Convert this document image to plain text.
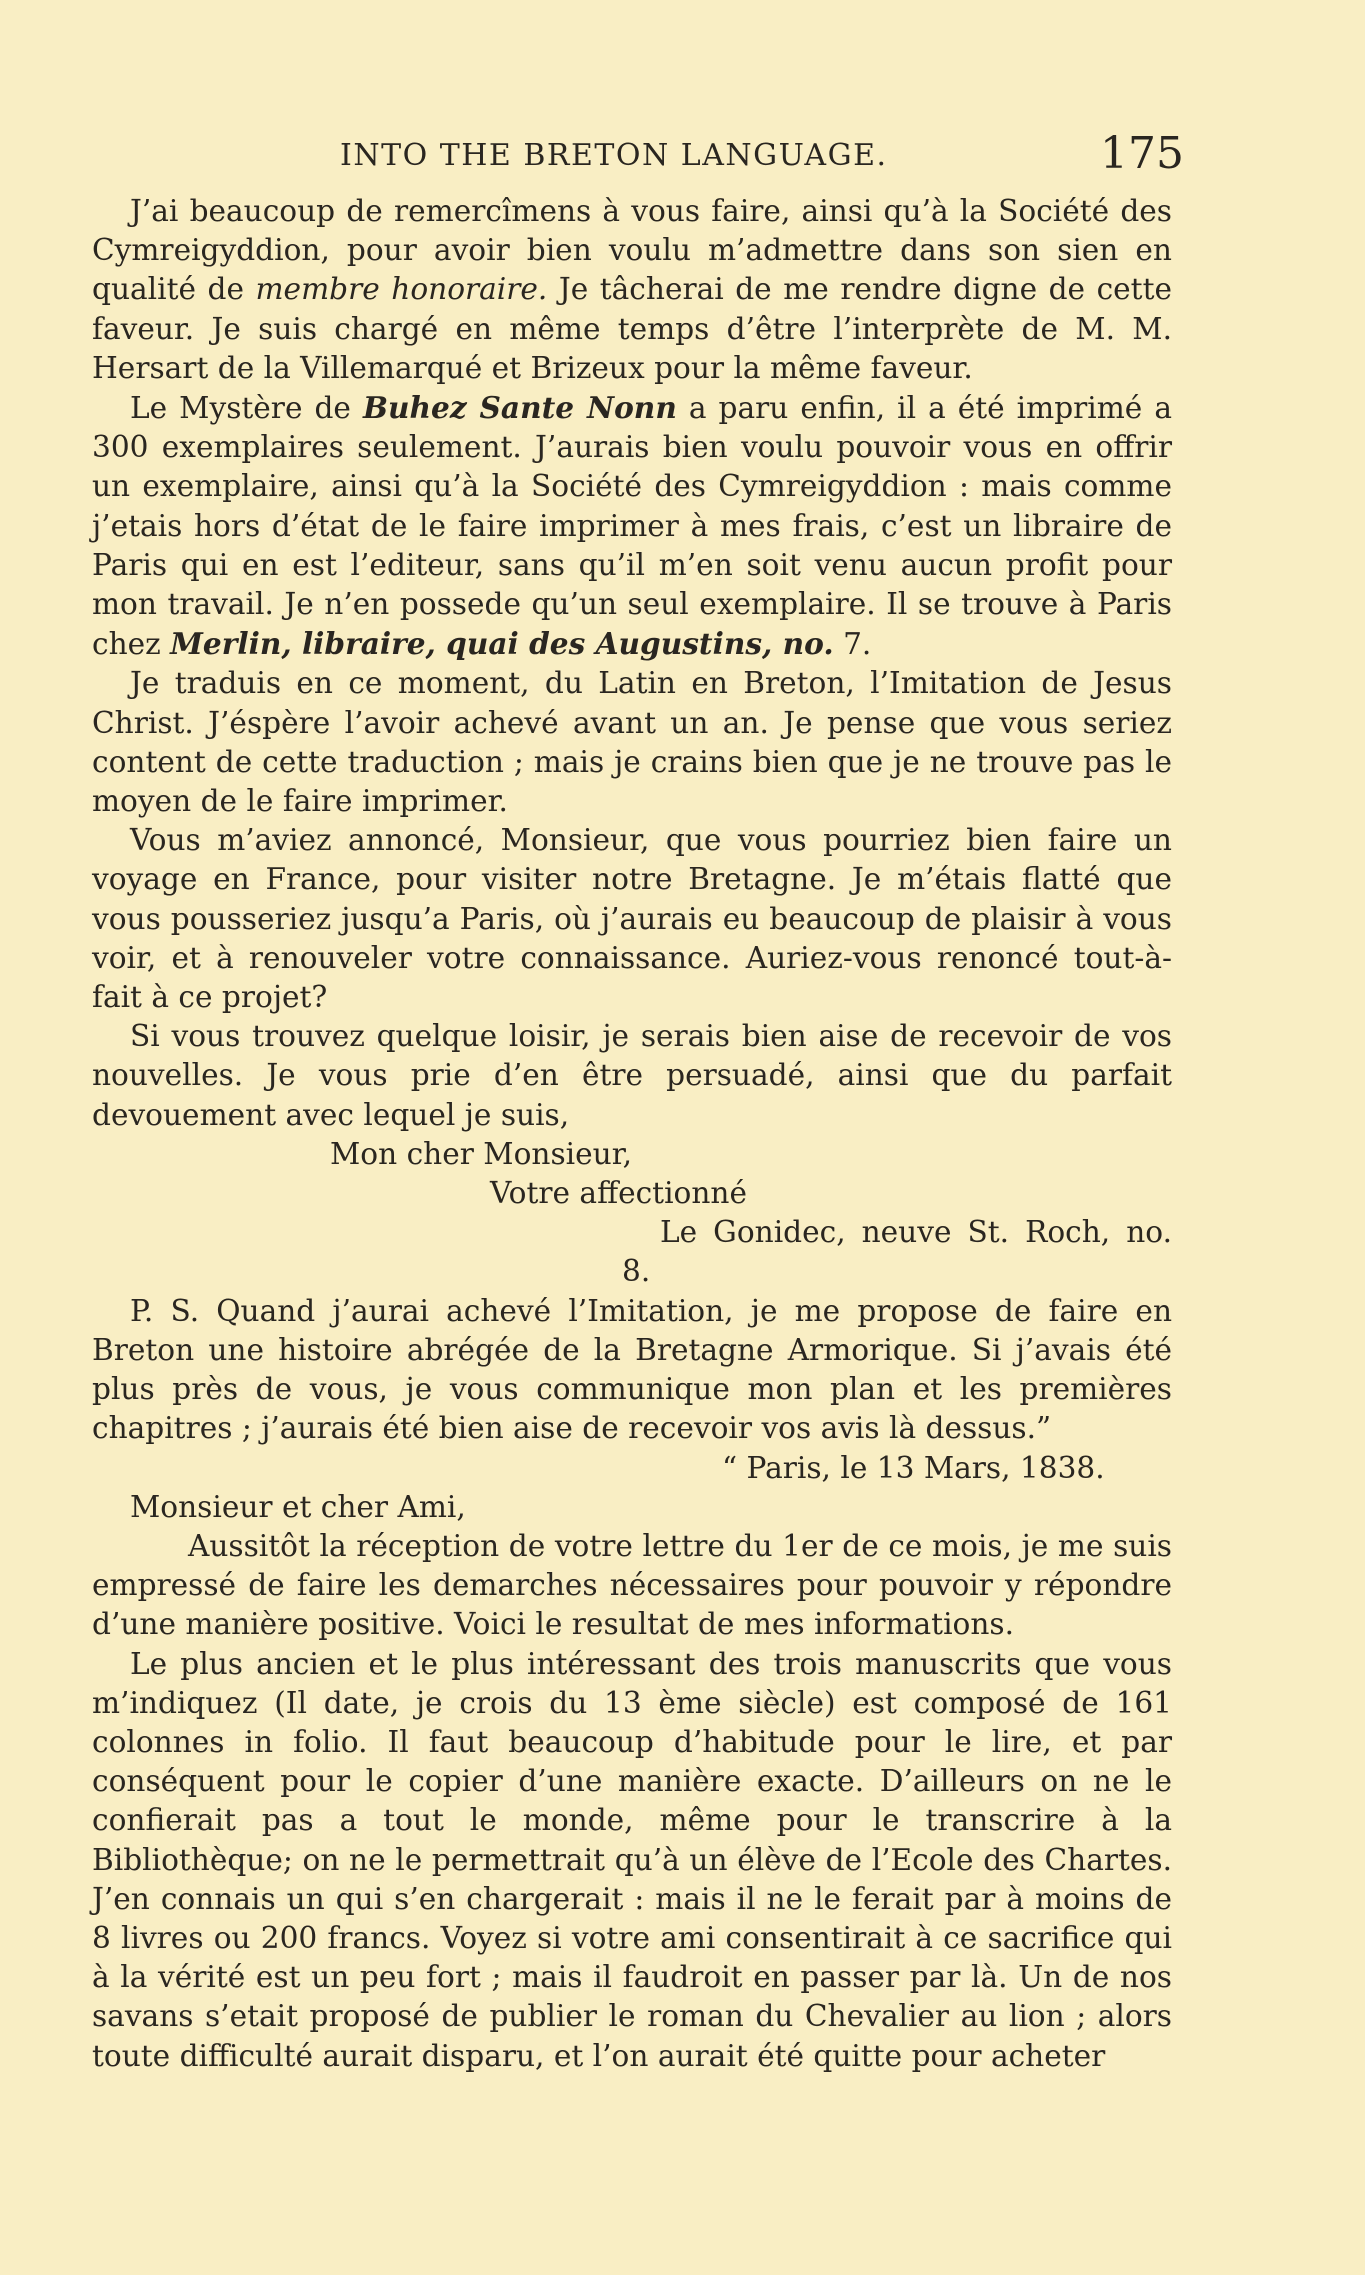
INTO THE BRETON LANGUAGE.	175

J’ai beaucoup de remercîmens à vous faire, ainsi qu’à la Société des Cymreigyddion, pour avoir bien voulu m’admettre dans son sien en qualité de membre honoraire. Je tâcherai de me rendre digne de cette faveur. Je suis chargé en même temps d’être l’interprète de M. M. Hersart de la Villemarqué et Brizeux pour la même faveur.

Le Mystère de Buhez Sante Nonn a paru enfin, il a été imprimé a 300 exemplaires seulement. J’aurais bien voulu pouvoir vous en offrir un exemplaire, ainsi qu’à la Société des Cymreigyddion : mais comme j’etais hors d’état de le faire imprimer à mes frais, c’est un libraire de Paris qui en est l’editeur, sans qu’il m’en soit venu aucun profit pour mon travail. Je n’en possede qu’un seul exemplaire. Il se trouve à Paris chez Merlin, libraire, quai des Augustins, no. 7.

Je traduis en ce moment, du Latin en Breton, l’Imitation de Jesus Christ. J’éspère l’avoir achevé avant un an. Je pense que vous seriez content de cette traduction ; mais je crains bien que je ne trouve pas le moyen de le faire imprimer.

Vous m’aviez annoncé, Monsieur, que vous pourriez bien faire un voyage en France, pour visiter notre Bretagne. Je m’étais flatté que vous pousseriez jusqu’a Paris, où j’aurais eu beaucoup de plaisir à vous voir, et à renouveler votre connaissance. Auriez-vous renoncé tout-à-fait à ce projet?

Si vous trouvez quelque loisir, je serais bien aise de recevoir de vos nouvelles. Je vous prie d’en être persuadé, ainsi que du parfait devouement avec lequel je suis,

Mon cher Monsieur,

Votre affectionné

Le Gonidec, neuve St. Roch, no. 8.

P. S. Quand j’aurai achevé l’Imitation, je me propose de faire en Breton une histoire abrégée de la Bretagne Armorique. Si j’avais été plus près de vous, je vous communique mon plan et les premières chapitres ; j’aurais été bien aise de recevoir vos avis là dessus.”

“ Paris, le 13 Mars, 1838.

Monsieur et cher Ami,

Aussitôt la réception de votre lettre du 1er de ce mois, je me suis empressé de faire les demarches nécessaires pour pouvoir y répondre d’une manière positive. Voici le resultat de mes informations.

Le plus ancien et le plus intéressant des trois manuscrits que vous m’indiquez (Il date, je crois du 13 ème siècle) est composé de 161 colonnes in folio. Il faut beaucoup d’habitude pour le lire, et par conséquent pour le copier d’une manière exacte. D’ailleurs on ne le confierait pas a tout le monde, même pour le transcrire à la Bibliothèque; on ne le permettrait qu’à un élève de l’Ecole des Chartes. J’en connais un qui s’en chargerait : mais il ne le ferait par à moins de 8 livres ou 200 francs. Voyez si votre ami consentirait à ce sacrifice qui à la vérité est un peu fort ; mais il faudroit en passer par là. Un de nos savans s’etait proposé de publier le roman du Chevalier au lion ; alors toute difficulté aurait disparu, et l’on aurait été quitte pour acheter
